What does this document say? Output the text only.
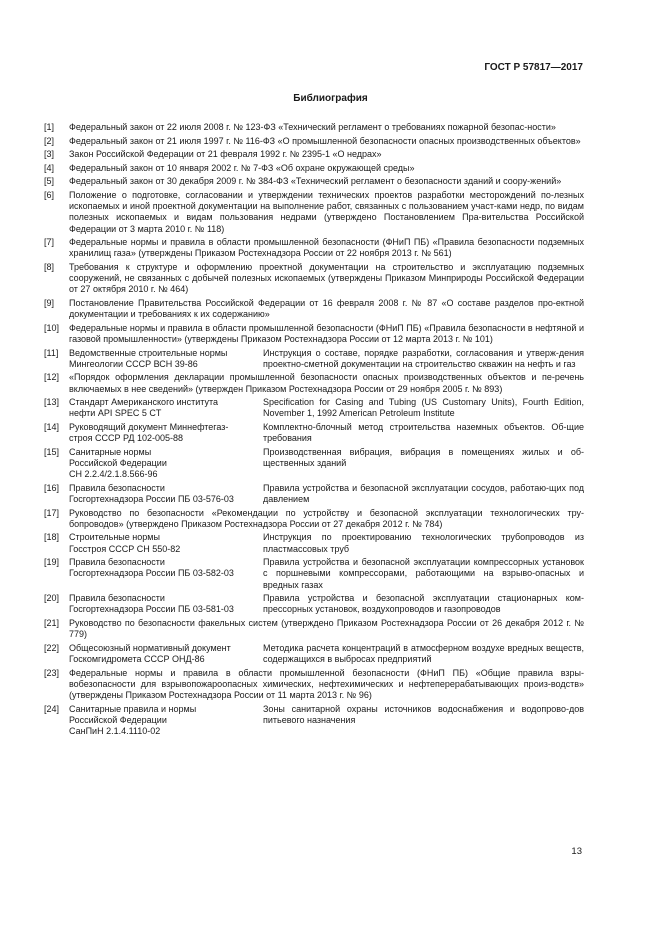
ГОСТ Р 57817—2017
Библиография
[1] Федеральный закон от 22 июля 2008 г. № 123-ФЗ «Технический регламент о требованиях пожарной безопас-ности»
[2] Федеральный закон от 21 июля 1997 г. № 116-ФЗ «О промышленной безопасности опасных производственных объектов»
[3] Закон Российской Федерации от 21 февраля 1992 г. № 2395-1 «О недрах»
[4] Федеральный закон от 10 января 2002 г. № 7-ФЗ «Об охране окружающей среды»
[5] Федеральный закон от 30 декабря 2009 г. № 384-ФЗ «Технический регламент о безопасности зданий и соору-жений»
[6] Положение о подготовке, согласовании и утверждении технических проектов разработки месторождений по-лезных ископаемых и иной проектной документации на выполнение работ, связанных с пользованием участ-ками недр, по видам полезных ископаемых и видам пользования недрами (утверждено Постановлением Пра-вительства Российской Федерации от 3 марта 2010 г. № 118)
[7] Федеральные нормы и правила в области промышленной безопасности (ФНиП ПБ) «Правила безопасности подземных хранилищ газа» (утверждены Приказом Ростехнадзора России от 22 ноября 2013 г. № 561)
[8] Требования к структуре и оформлению проектной документации на строительство и эксплуатацию подземных сооружений, не связанных с добычей полезных ископаемых (утверждены Приказом Минприроды Российской Федерации от 27 октября 2010 г. № 464)
[9] Постановление Правительства Российской Федерации от 16 февраля 2008 г. № 87 «О составе разделов про-ектной документации и требованиях к их содержанию»
[10] Федеральные нормы и правила в области промышленной безопасности (ФНиП ПБ) «Правила безопасности в нефтяной и газовой промышленности» (утверждены Приказом Ростехнадзора России от 12 марта 2013 г. № 101)
[11] Ведомственные строительные нормы
Мингеологии СССР ВСН 39-86
Инструкция о составе, порядке разработки, согласования и утверж-дения проектно-сметной документации на строительство скважин на нефть и газ
[12] «Порядок оформления декларации промышленной безопасности опасных производственных объектов и пе-речень включаемых в нее сведений» (утвержден Приказом Ростехнадзора России от 29 ноября 2005 г. № 893)
[13] Стандарт Американского института
нефти API SPEC 5 CT
Specification for Casing and Tubing (US Customary Units), Fourth Edition, November 1, 1992 American Petroleum Institute
[14] Руководящий документ Миннефтегаз-
строя СССР РД 102-005-88
Комплектно-блочный метод строительства наземных объектов. Об-щие требования
[15] Санитарные нормы
Российской Федерации
СН 2.2.4/2.1.8.566-96
Производственная вибрация, вибрация в помещениях жилых и об-щественных зданий
[16] Правила безопасности
Госгортехнадзора России ПБ 03-576-03
Правила устройства и безопасной эксплуатации сосудов, работаю-щих под давлением
[17] Руководство по безопасности «Рекомендации по устройству и безопасной эксплуатации технологических тру-бопроводов» (утверждено Приказом Ростехнадзора России от 27 декабря 2012 г. № 784)
[18] Строительные нормы
Госстроя СССР СН 550-82
Инструкция по проектированию технологических трубопроводов из пластмассовых труб
[19] Правила безопасности
Госгортехнадзора России ПБ 03-582-03
Правила устройства и безопасной эксплуатации компрессорных установок с поршневыми компрессорами, работающими на взрыво-опасных и вредных газах
[20] Правила безопасности
Госгортехнадзора России ПБ 03-581-03
Правила устройства и безопасной эксплуатации стационарных ком-прессорных установок, воздухопроводов и газопроводов
[21] Руководство по безопасности факельных систем (утверждено Приказом Ростехнадзора России от 26 декабря 2012 г. № 779)
[22] Общесоюзный нормативный документ
Госкомгидромета СССР ОНД-86
Методика расчета концентраций в атмосферном воздухе вредных веществ, содержащихся в выбросах предприятий
[23] Федеральные нормы и правила в области промышленной безопасности (ФНиП ПБ) «Общие правила взры-вобезопасности для взрывопожароопасных химических, нефтехимических и нефтеперерабатывающих произ-водств» (утверждены Приказом Ростехнадзора России от 11 марта 2013 г. № 96)
[24] Санитарные правила и нормы
Российской Федерации
СанПиН 2.1.4.1110-02
Зоны санитарной охраны источников водоснабжения и водопрово-дов питьевого назначения
13
